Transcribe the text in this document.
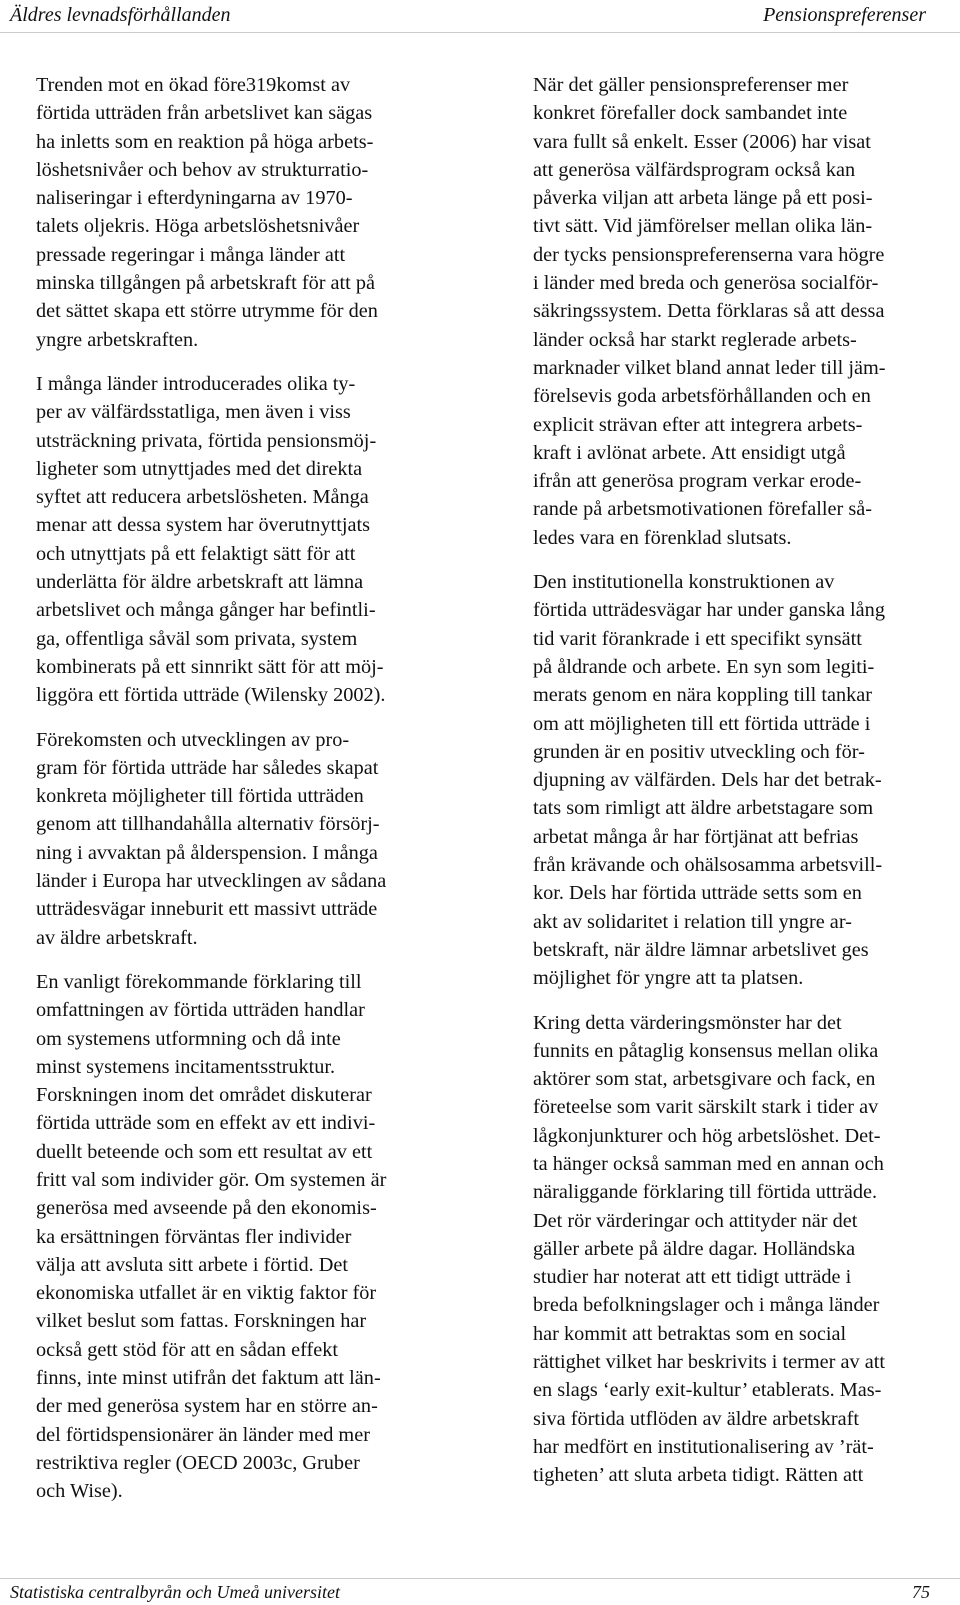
Äldres levnadsförhållanden	Pensionspreferenser

Trenden mot en ökad före319komst av
förtida utträden från arbetslivet kan sägas
ha inletts som en reaktion på höga arbets-
löshetsnivåer och behov av strukturratio-
naliseringar i efterdyningarna av 1970-
talets oljekris. Höga arbetslöshetsnivåer
pressade regeringar i många länder att
minska tillgången på arbetskraft för att på
det sättet skapa ett större utrymme för den
yngre arbetskraften.

I många länder introducerades olika ty-
per av välfärdsstatliga, men även i viss
utsträckning privata, förtida pensionsmöj-
ligheter som utnyttjades med det direkta
syftet att reducera arbetslösheten. Många
menar att dessa system har överutnyttjats
och utnyttjats på ett felaktigt sätt för att
underlätta för äldre arbetskraft att lämna
arbetslivet och många gånger har befintli-
ga, offentliga såväl som privata, system
kombinerats på ett sinnrikt sätt för att möj-
liggöra ett förtida utträde (Wilensky 2002).

Förekomsten och utvecklingen av pro-
gram för förtida utträde har således skapat
konkreta möjligheter till förtida utträden
genom att tillhandahålla alternativ försörj-
ning i avvaktan på ålderspension. I många
länder i Europa har utvecklingen av sådana
utträdesvägar inneburit ett massivt utträde
av äldre arbetskraft.

En vanligt förekommande förklaring till
omfattningen av förtida utträden handlar
om systemens utformning och då inte
minst systemens incitamentsstruktur.
Forskningen inom det området diskuterar
förtida utträde som en effekt av ett indivi-
duellt beteende och som ett resultat av ett
fritt val som individer gör. Om systemen är
generösa med avseende på den ekonomis-
ka ersättningen förväntas fler individer
välja att avsluta sitt arbete i förtid. Det
ekonomiska utfallet är en viktig faktor för
vilket beslut som fattas. Forskningen har
också gett stöd för att en sådan effekt
finns, inte minst utifrån det faktum att län-
der med generösa system har en större an-
del förtidspensionärer än länder med mer
restriktiva regler (OECD 2003c, Gruber
och Wise).

När det gäller pensionspreferenser mer
konkret förefaller dock sambandet inte
vara fullt så enkelt. Esser (2006) har visat
att generösa välfärdsprogram också kan
påverka viljan att arbeta länge på ett posi-
tivt sätt. Vid jämförelser mellan olika län-
der tycks pensionspreferenserna vara högre
i länder med breda och generösa socialför-
säkringssystem. Detta förklaras så att dessa
länder också har starkt reglerade arbets-
marknader vilket bland annat leder till jäm-
förelsevis goda arbetsförhållanden och en
explicit strävan efter att integrera arbets-
kraft i avlönat arbete. Att ensidigt utgå
ifrån att generösa program verkar erode-
rande på arbetsmotivationen förefaller så-
ledes vara en förenklad slutsats.

Den institutionella konstruktionen av
förtida utträdesvägar har under ganska lång
tid varit förankrade i ett specifikt synsätt
på åldrande och arbete. En syn som legiti-
merats genom en nära koppling till tankar
om att möjligheten till ett förtida utträde i
grunden är en positiv utveckling och för-
djupning av välfärden. Dels har det betrak-
tats som rimligt att äldre arbetstagare som
arbetat många år har förtjänat att befrias
från krävande och ohälsosamma arbetsvill-
kor. Dels har förtida utträde setts som en
akt av solidaritet i relation till yngre ar-
betskraft, när äldre lämnar arbetslivet ges
möjlighet för yngre att ta platsen.

Kring detta värderingsmönster har det
funnits en påtaglig konsensus mellan olika
aktörer som stat, arbetsgivare och fack, en
företeelse som varit särskilt stark i tider av
lågkonjunkturer och hög arbetslöshet. Det-
ta hänger också samman med en annan och
näraliggande förklaring till förtida utträde.
Det rör värderingar och attityder när det
gäller arbete på äldre dagar. Holländska
studier har noterat att ett tidigt utträde i
breda befolkningslager och i många länder
har kommit att betraktas som en social
rättighet vilket har beskrivits i termer av att
en slags ‘early exit-kultur’ etablerats. Mas-
siva förtida utflöden av äldre arbetskraft
har medfört en institutionalisering av ’rät-
tigheten’ att sluta arbeta tidigt. Rätten att

Statistiska centralbyrån och Umeå universitet	75
